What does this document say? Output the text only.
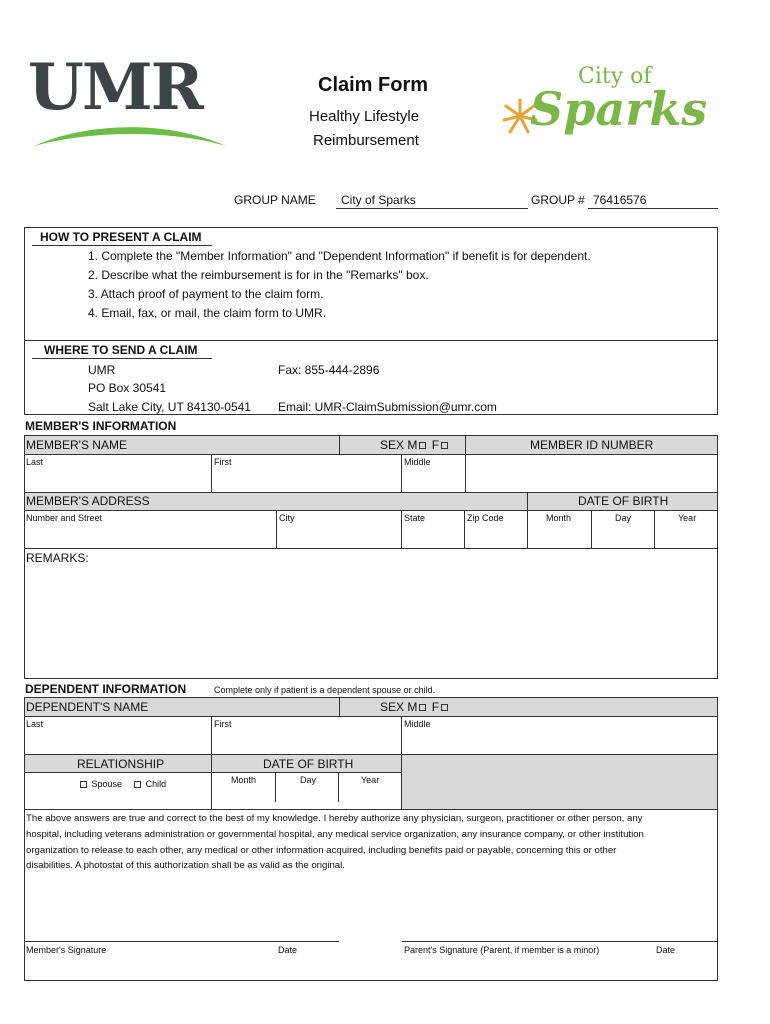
UMR	Claim Form
Healthy Lifestyle
Reimbursement
City of
Sparks
GROUP NAME City of Sparks	GROUP # 76416576
HOW TO PRESENT A CLAIM
1. Complete the "Member Information" and "Dependent Information" if benefit is for dependent.
2. Describe what the reimbursement is for in the "Remarks" box.
3. Attach proof of payment to the claim form.
4. Email, fax, or mail, the claim form to UMR.
WHERE TO SEND A CLAIM
UMR
PO Box 30541
Salt Lake City, UT 84130-0541
Fax: 855-444-2896
Email: UMR-ClaimSubmission@umr.com
MEMBER'S INFORMATION
MEMBER'S NAME	SEX M F	MEMBER ID NUMBER
Last	First	Middle
MEMBER'S ADDRESS	DATE OF BIRTH
Number and Street	City	State	Zip Code	Month	Day	Year
REMARKS:
DEPENDENT INFORMATION	Complete only if patient is a dependent spouse or child.
DEPENDENT'S NAME	SEX M F
Last	First	Middle
RELATIONSHIP	DATE OF BIRTH
Spouse	Child	Month	Day	Year
The above answers are true and correct to the best of my knowledge. I hereby authorize any physician, surgeon, practitioner or other person, any
hospital, including veterans administration or governmental hospital, any medical service organization, any insurance company, or other institution
organization to release to each other, any medical or other information acquired, including benefits paid or payable, concerning this or other
disabilities. A photostat of this authorization shall be as valid as the original.
Member's Signature	Date	Parent's Signature (Parent, if member is a minor)	Date
